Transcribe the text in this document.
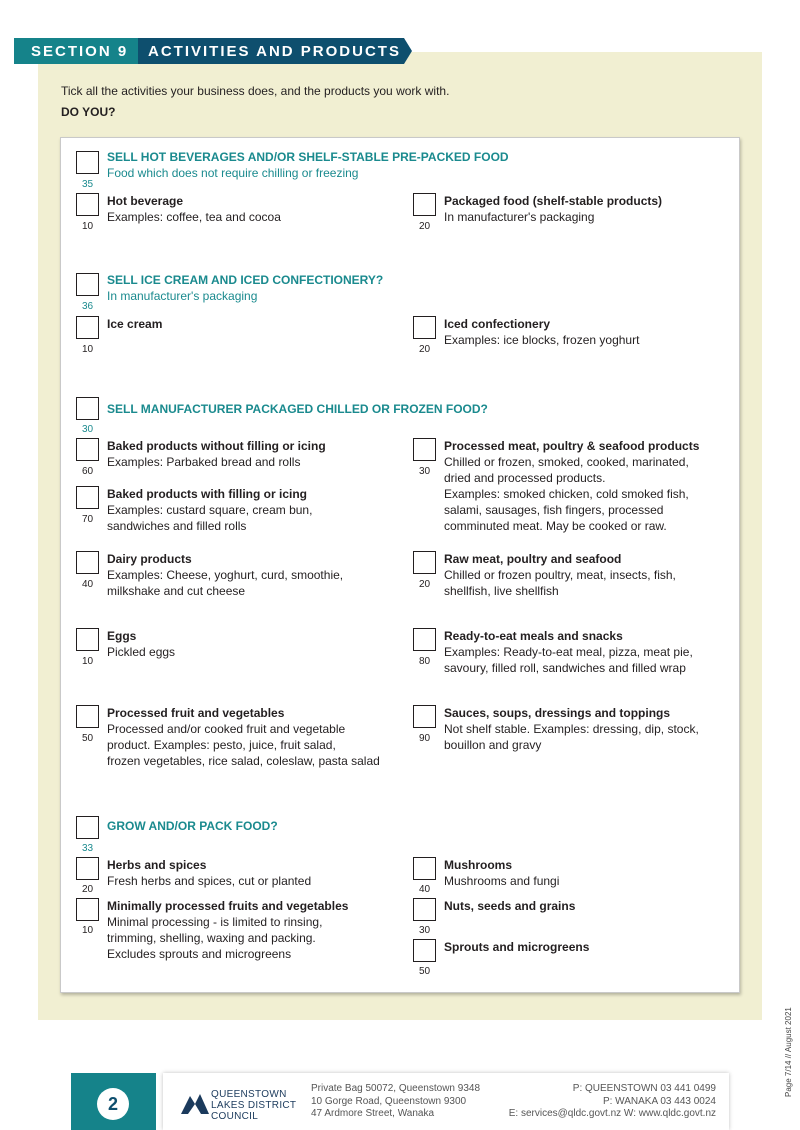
SECTION 9 ACTIVITIES AND PRODUCTS
Tick all the activities your business does, and the products you work with.
DO YOU?
35
SELL HOT BEVERAGES AND/OR SHELF-STABLE PRE-PACKED FOOD
Food which does not require chilling or freezing
10
Hot beverage
Examples: coffee, tea and cocoa
20
Packaged food (shelf-stable products)
In manufacturer's packaging
36
SELL ICE CREAM AND ICED CONFECTIONERY?
In manufacturer's packaging
10
Ice cream
20
Iced confectionery
Examples: ice blocks, frozen yoghurt
30
SELL MANUFACTURER PACKAGED CHILLED OR FROZEN FOOD?
60
Baked products without filling or icing
Examples: Parbaked bread and rolls
70
Baked products with filling or icing
Examples: custard square, cream bun,
sandwiches and filled rolls
40
Dairy products
Examples: Cheese, yoghurt, curd, smoothie,
milkshake and cut cheese
10
Eggs
Pickled eggs
50
Processed fruit and vegetables
Processed and/or cooked fruit and vegetable
product. Examples: pesto, juice, fruit salad,
frozen vegetables, rice salad, coleslaw, pasta salad
30
Processed meat, poultry & seafood products
Chilled or frozen, smoked, cooked, marinated,
dried and processed products.
Examples: smoked chicken, cold smoked fish,
salami, sausages, fish fingers, processed
comminuted meat. May be cooked or raw.
20
Raw meat, poultry and seafood
Chilled or frozen poultry, meat, insects, fish,
shellfish, live shellfish
80
Ready-to-eat meals and snacks
Examples: Ready-to-eat meal, pizza, meat pie,
savoury, filled roll, sandwiches and filled wrap
90
Sauces, soups, dressings and toppings
Not shelf stable. Examples: dressing, dip, stock,
bouillon and gravy
33
GROW AND/OR PACK FOOD?
20
Herbs and spices
Fresh herbs and spices, cut or planted
10
Minimally processed fruits and vegetables
Minimal processing - is limited to rinsing,
trimming, shelling, waxing and packing.
Excludes sprouts and microgreens
40
Mushrooms
Mushrooms and fungi
30
Nuts, seeds and grains
50
Sprouts and microgreens
Page 7/14 // August 2021
2	QUEENSTOWN
LAKES DISTRICT
COUNCIL
Private Bag 50072, Queenstown 9348
10 Gorge Road, Queenstown 9300
47 Ardmore Street, Wanaka
P: QUEENSTOWN 03 441 0499
P: WANAKA 03 443 0024
E: services@qldc.govt.nz W: www.qldc.govt.nz
